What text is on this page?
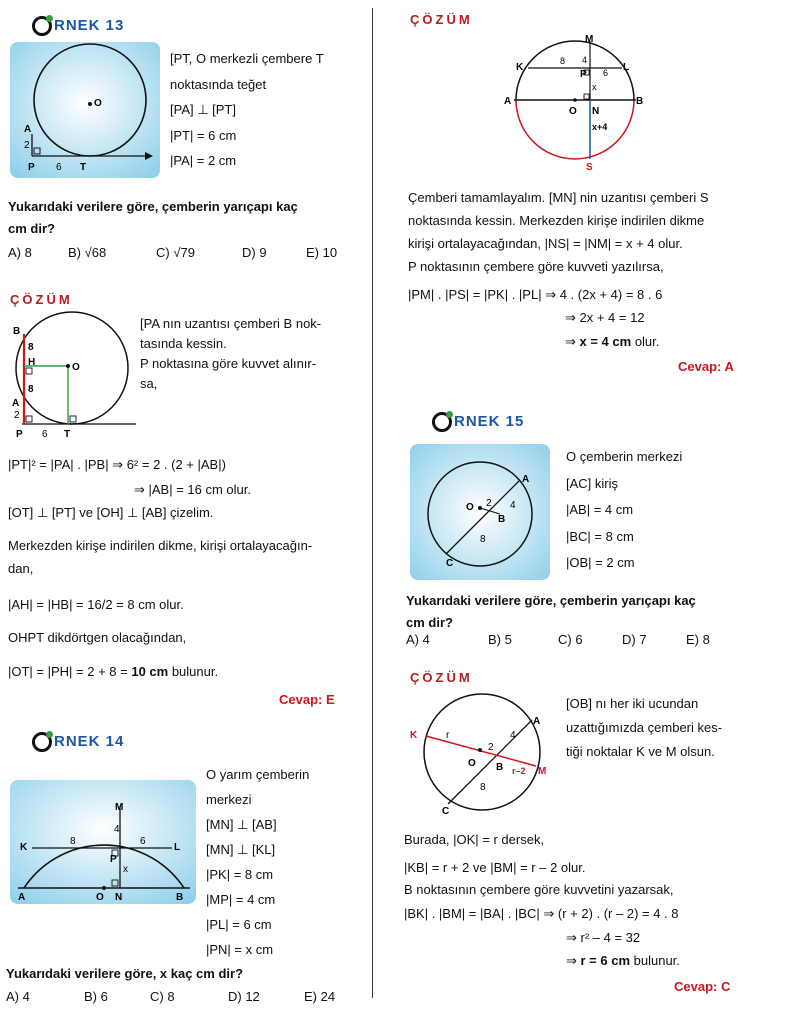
RNEK 13
A
2
O
P 6 T
[PT, O merkezli çembere T
noktasında teğet
[PA] ⊥ [PT]
|PT| = 6 cm
|PA| = 2 cm
Yukarıdaki verilere göre, çemberin yarıçapı kaç
cm dir?
A) 8	B) √68	C) √79	D) 9	E) 10
ÇÖZÜM
B
8
H	O
8
A
2
P 6 T
[PA nın uzantısı çemberi B nok-
tasında kessin.
P noktasına göre kuvvet alınır-
sa,
|PT|² = |PA| . |PB| ⇒ 6² = 2 . (2 + |AB|)
⇒ |AB| = 16 cm olur.
[OT] ⊥ [PT] ve [OH] ⊥ [AB] çizelim.
Merkezden kirişe indirilen dikme, kirişi ortalayacağın-
dan,
|AH| = |HB| = 16/2 = 8 cm olur.
OHPT dikdörtgen olacağından,
|OT| = |PH| = 2 + 8 = 10 cm bulunur.
Cevap: E
RNEK 14
M
K
8
4
6
L
P
x
A	O N	B
O yarım çemberin
merkezi
[MN] ⊥ [AB]
[MN] ⊥ [KL]
|PK| = 8 cm
|MP| = 4 cm
|PL| = 6 cm
|PN| = x cm
Yukarıdaki verilere göre, x kaç cm dir?
A) 4	B) 6	C) 8	D) 12	E) 24
ÇÖZÜM
M
K
8 4
6 L
P
x
A
O N
x+4
B
S
Çemberi tamamlayalım. [MN] nin uzantısı çemberi S
noktasında kessin. Merkezden kirişe indirilen dikme
kirişi ortalayacağından, |NS| = |NM| = x + 4 olur.
P noktasının çembere göre kuvveti yazılırsa,
|PM| . |PS| = |PK| . |PL| ⇒ 4 . (2x + 4) = 8 . 6
⇒ 2x + 4 = 12
⇒ x = 4 cm olur.
Cevap: A
RNEK 15
A
O 2 4
B
8
C
O çemberin merkezi
[AC] kiriş
|AB| = 4 cm
|BC| = 8 cm
|OB| = 2 cm
Yukarıdaki verilere göre, çemberin yarıçapı kaç
cm dir?
A) 4	B) 5	C) 6	D) 7	E) 8
ÇÖZÜM
K	r
O
2
A
4
B r–2 M
8
C
[OB] nı her iki ucundan
uzattığımızda çemberi kes-
tiği noktalar K ve M olsun.
Burada, |OK| = r dersek,
|KB| = r + 2 ve |BM| = r – 2 olur.
B noktasının çembere göre kuvvetini yazarsak,
|BK| . |BM| = |BA| . |BC| ⇒ (r + 2) . (r – 2) = 4 . 8
⇒ r² – 4 = 32
⇒ r = 6 cm bulunur.
Cevap: C
